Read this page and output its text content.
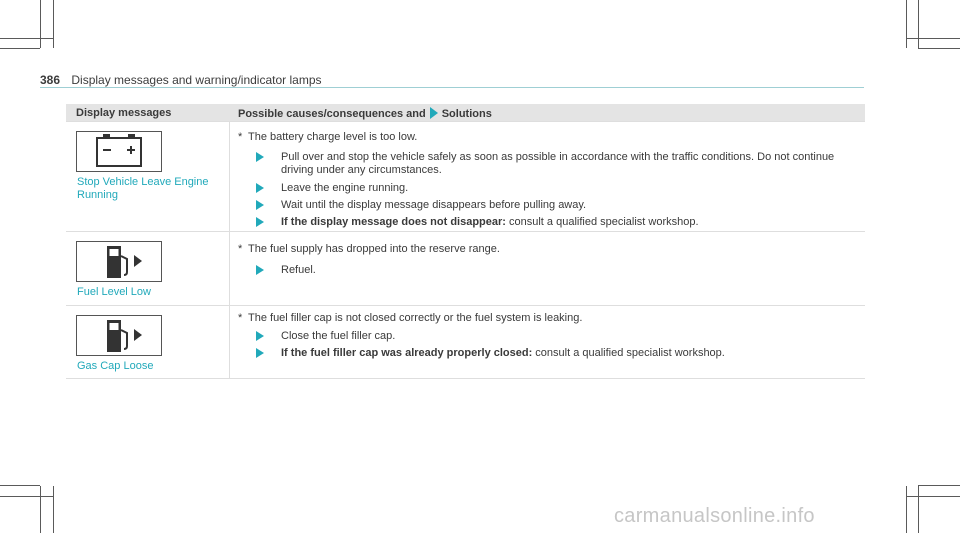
386 Display messages and warning/indicator lamps
Display messages	Possible causes/consequences and Solutions
Stop Vehicle Leave Engine Running
* The battery charge level is too low.
Pull over and stop the vehicle safely as soon as possible in accordance with the traffic conditions. Do not continue driving under any circumstances.
Leave the engine running.
Wait until the display message disappears before pulling away.
If the display message does not disappear: consult a qualified specialist workshop.
Fuel Level Low
* The fuel supply has dropped into the reserve range.
Refuel.
Gas Cap Loose
* The fuel filler cap is not closed correctly or the fuel system is leaking.
Close the fuel filler cap.
If the fuel filler cap was already properly closed: consult a qualified specialist workshop.
carmanualsonline.info
